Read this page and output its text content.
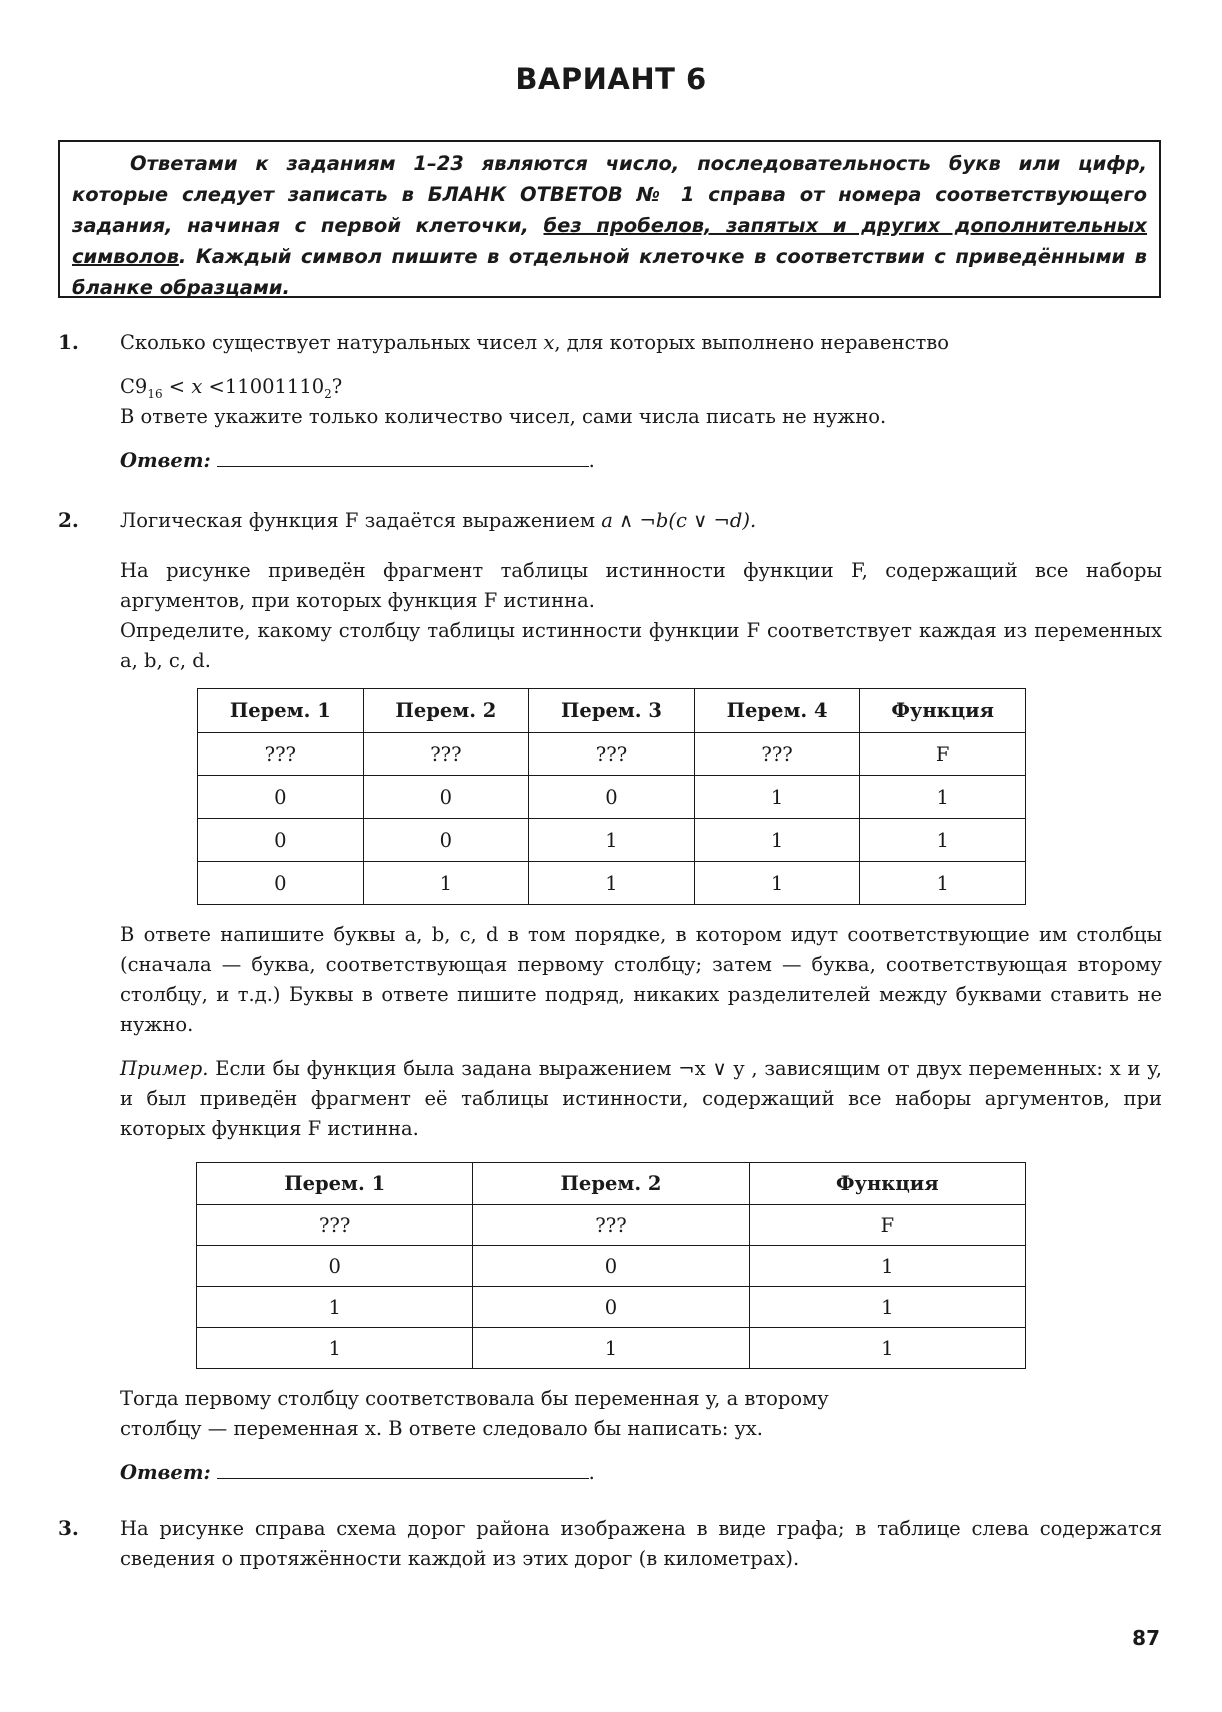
ВАРИАНТ 6
Ответами к заданиям 1–23 являются число, последовательность букв или цифр, которые следует записать в БЛАНК ОТВЕТОВ № 1 справа от номера соответствующего задания, начиная с первой клеточки, без пробелов, запятых и других дополнительных символов. Каждый символ пишите в отдельной клеточке в соответствии с приведёнными в бланке образцами.
1. Сколько существует натуральных чисел x, для которых выполнено неравенство
$C9_{16} < x <11001110_2$?
В ответе укажите только количество чисел, сами числа писать не нужно.
Ответ:	.
2. Логическая функция F задаётся выражением a ∧ ¬b(c ∨ ¬d).
На рисунке приведён фрагмент таблицы истинности функции F, содержащий все наборы аргументов, при которых функция F истинна.
Определите, какому столбцу таблицы истинности функции F соответствует каждая из переменных a, b, c, d.
Перем. 1	Перем. 2	Перем. 3	Перем. 4	Функция
???	???	???	???	F
0	0	0	1	1
0	0	1	1	1
0	1	1	1	1
В ответе напишите буквы a, b, c, d в том порядке, в котором идут соответствующие им столбцы (сначала — буква, соответствующая первому столбцу; затем — буква, соответствующая второму столбцу, и т.д.) Буквы в ответе пишите подряд, никаких разделителей между буквами ставить не нужно.
Пример. Если бы функция была задана выражением ¬x ∨ y , зависящим от двух переменных: x и y, и был приведён фрагмент её таблицы истинности, содержащий все наборы аргументов, при которых функция F истинна.
Перем. 1	Перем. 2	Функция
???	???	F
0	0	1
1	0	1
1	1	1
Тогда первому столбцу соответствовала бы переменная y, а второму
столбцу — переменная x. В ответе следовало бы написать: yx.
Ответ:	.
3. На рисунке справа схема дорог района изображена в виде графа; в таблице слева содержатся сведения о протяжённости каждой из этих дорог (в километрах).
87
